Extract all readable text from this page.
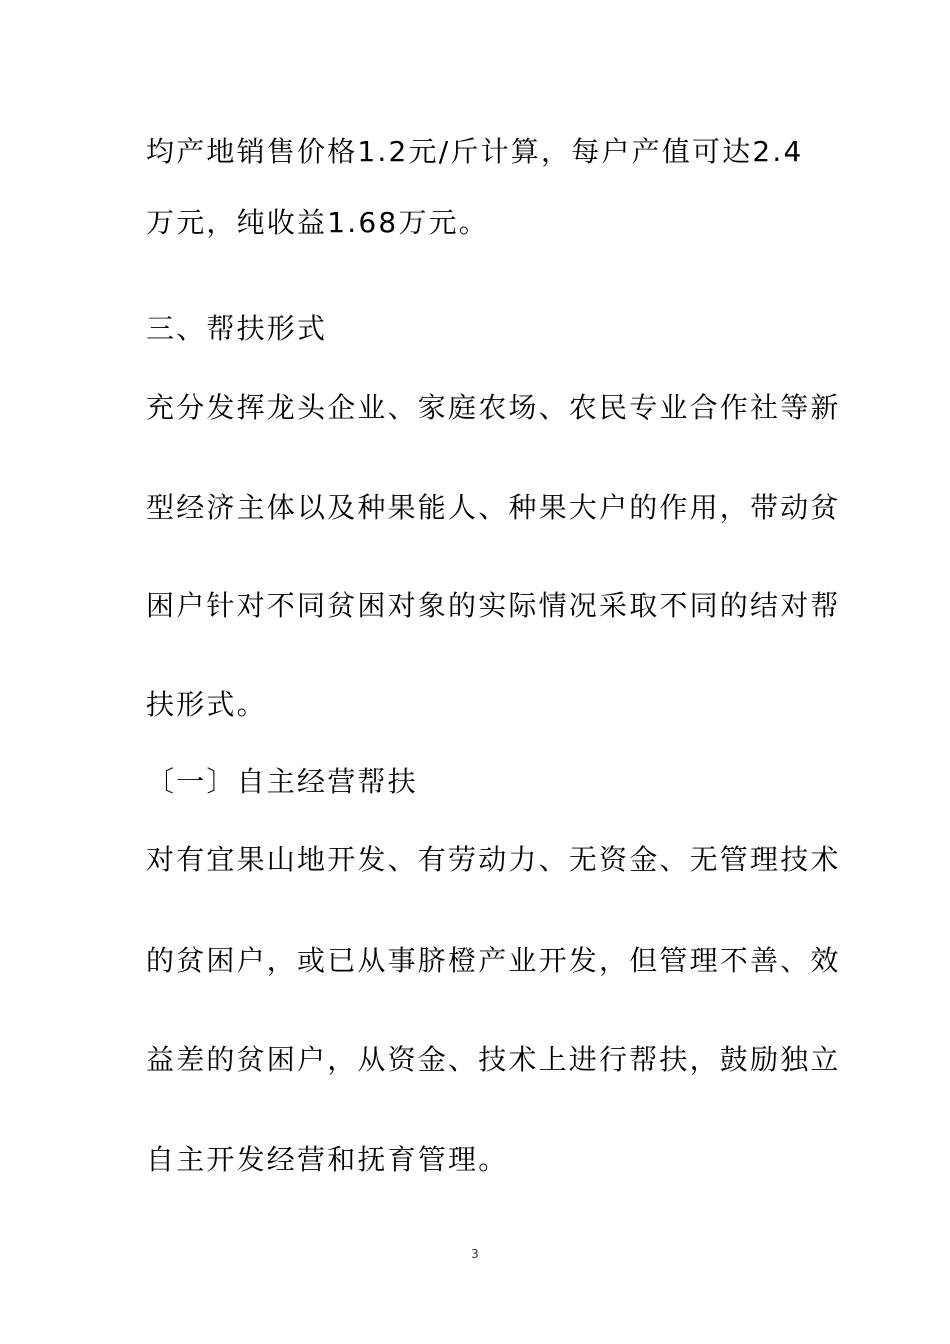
均产地销售价格1.2元/斤计算，每户产值可达2.4
万元，纯收益1.68万元。
三、帮扶形式
充分发挥龙头企业、家庭农场、农民专业合作社等新
型经济主体以及种果能人、种果大户的作用，带动贫
困户针对不同贫困对象的实际情况采取不同的结对帮
扶形式。
〔一〕自主经营帮扶
对有宜果山地开发、有劳动力、无资金、无管理技术
的贫困户，或已从事脐橙产业开发，但管理不善、效
益差的贫困户，从资金、技术上进行帮扶，鼓励独立
自主开发经营和抚育管理。
3
